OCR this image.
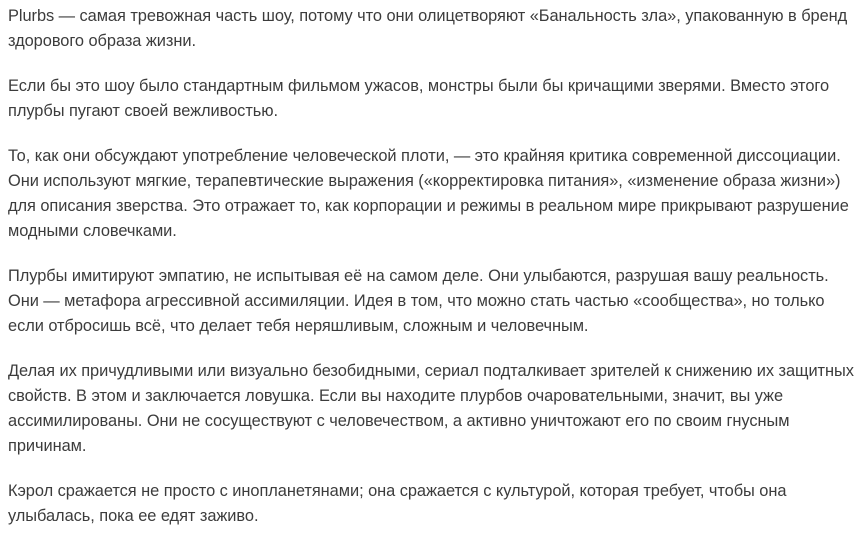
Plurbs — самая тревожная часть шоу, потому что они олицетворяют «Банальность зла», упакованную в бренд здорового образа жизни.

Если бы это шоу было стандартным фильмом ужасов, монстры были бы кричащими зверями. Вместо этого плурбы пугают своей вежливостью.

То, как они обсуждают употребление человеческой плоти, — это крайняя критика современной диссоциации. Они используют мягкие, терапевтические выражения («корректировка питания», «изменение образа жизни») для описания зверства. Это отражает то, как корпорации и режимы в реальном мире прикрывают разрушение модными словечками.

Плурбы имитируют эмпатию, не испытывая её на самом деле. Они улыбаются, разрушая вашу реальность. Они — метафора агрессивной ассимиляции. Идея в том, что можно стать частью «сообщества», но только если отбросишь всё, что делает тебя неряшливым, сложным и человечным.

Делая их причудливыми или визуально безобидными, сериал подталкивает зрителей к снижению их защитных свойств. В этом и заключается ловушка. Если вы находите плурбов очаровательными, значит, вы уже ассимилированы. Они не сосуществуют с человечеством, а активно уничтожают его по своим гнусным причинам.

Кэрол сражается не просто с инопланетянами; она сражается с культурой, которая требует, чтобы она улыбалась, пока ее едят заживо.
